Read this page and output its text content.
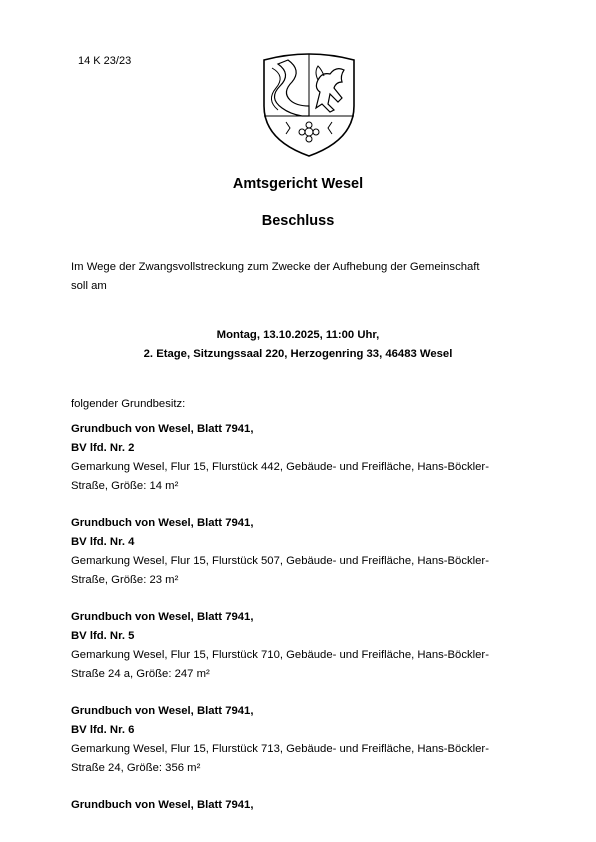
14 K 23/23
Amtsgericht Wesel
Beschluss
Im Wege der Zwangsvollstreckung zum Zwecke der Aufhebung der Gemeinschaft
soll am
Montag, 13.10.2025, 11:00 Uhr,
2. Etage, Sitzungssaal 220, Herzogenring 33, 46483 Wesel
folgender Grundbesitz:
Grundbuch von Wesel, Blatt 7941,
BV lfd. Nr. 2
Gemarkung Wesel, Flur 15, Flurstück 442, Gebäude- und Freifläche, Hans-Böckler-
Straße, Größe: 14 m²
Grundbuch von Wesel, Blatt 7941,
BV lfd. Nr. 4
Gemarkung Wesel, Flur 15, Flurstück 507, Gebäude- und Freifläche, Hans-Böckler-
Straße, Größe: 23 m²
Grundbuch von Wesel, Blatt 7941,
BV lfd. Nr. 5
Gemarkung Wesel, Flur 15, Flurstück 710, Gebäude- und Freifläche, Hans-Böckler-
Straße 24 a, Größe: 247 m²
Grundbuch von Wesel, Blatt 7941,
BV lfd. Nr. 6
Gemarkung Wesel, Flur 15, Flurstück 713, Gebäude- und Freifläche, Hans-Böckler-
Straße 24, Größe: 356 m²
Grundbuch von Wesel, Blatt 7941,
